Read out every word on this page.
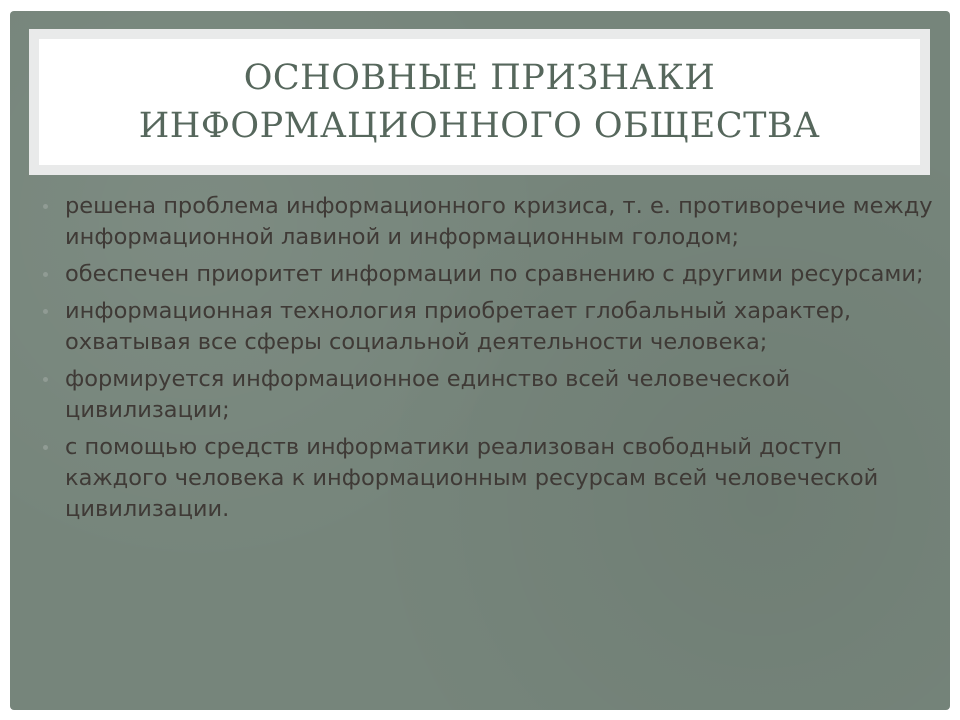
ОСНОВНЫЕ ПРИЗНАКИ ИНФОРМАЦИОННОГО ОБЩЕСТВА
решена проблема информационного кризиса, т. е. противоречие между информационной лавиной и информационным голодом;
обеспечен приоритет информации по сравнению с другими ресурсами;
информационная технология приобретает глобальный характер, охватывая все сферы социальной деятельности человека;
формируется информационное единство всей человеческой цивилизации;
с помощью средств информатики реализован свободный доступ каждого человека к информационным ресурсам всей человеческой цивилизации.
